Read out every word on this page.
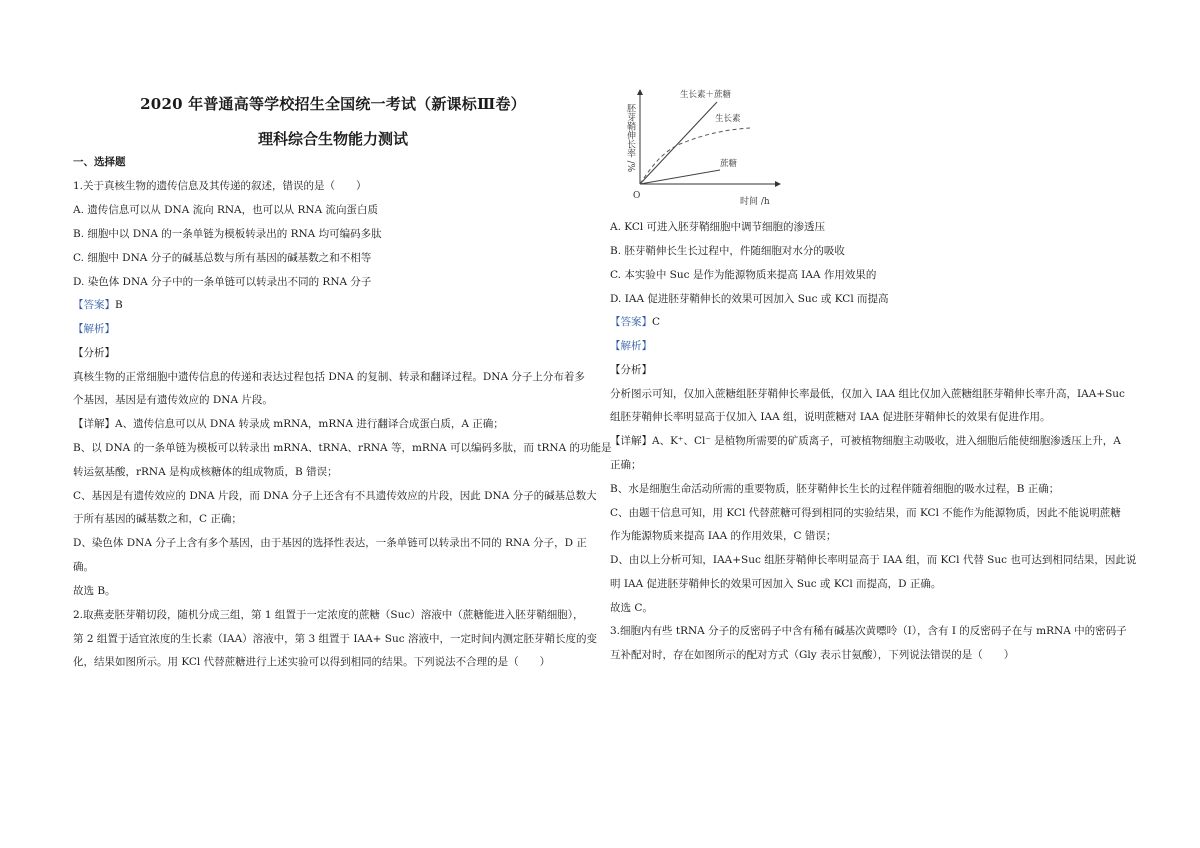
2020 年普通高等学校招生全国统一考试（新课标Ⅲ卷）
理科综合生物能力测试
一、选择题
1.关于真核生物的遗传信息及其传递的叙述，错误的是（　　）
A. 遗传信息可以从 DNA 流向 RNA，也可以从 RNA 流向蛋白质
B. 细胞中以 DNA 的一条单链为模板转录出的 RNA 均可编码多肽
C. 细胞中 DNA 分子的碱基总数与所有基因的碱基数之和不相等
D. 染色体 DNA 分子中的一条单链可以转录出不同的 RNA 分子
【答案】B
【解析】
【分析】
真核生物的正常细胞中遗传信息的传递和表达过程包括 DNA 的复制、转录和翻译过程。DNA 分子上分布着多
个基因，基因是有遗传效应的 DNA 片段。
【详解】A、遗传信息可以从 DNA 转录成 mRNA，mRNA 进行翻译合成蛋白质，A 正确；
B、以 DNA 的一条单链为模板可以转录出 mRNA、tRNA、rRNA 等，mRNA 可以编码多肽，而 tRNA 的功能是
转运氨基酸，rRNA 是构成核糖体的组成物质，B 错误；
C、基因是有遗传效应的 DNA 片段，而 DNA 分子上还含有不具遗传效应的片段，因此 DNA 分子的碱基总数大
于所有基因的碱基数之和，C 正确；
D、染色体 DNA 分子上含有多个基因，由于基因的选择性表达，一条单链可以转录出不同的 RNA 分子，D 正
确。
故选 B。
2.取燕麦胚芽鞘切段，随机分成三组，第 1 组置于一定浓度的蔗糖（Suc）溶液中（蔗糖能进入胚芽鞘细胞），
第 2 组置于适宜浓度的生长素（IAA）溶液中，第 3 组置于 IAA+ Suc 溶液中，一定时间内测定胚芽鞘长度的变
化，结果如图所示。用 KCl 代替蔗糖进行上述实验可以得到相同的结果。下列说法不合理的是（　　）
胚芽鞘伸长率 /%
O
时间 /h
生长素＋蔗糖
生长素
蔗糖
A. KCl 可进入胚芽鞘细胞中调节细胞的渗透压
B. 胚芽鞘伸长生长过程中，件随细胞对水分的吸收
C. 本实验中 Suc 是作为能源物质来提高 IAA 作用效果的
D. IAA 促进胚芽鞘伸长的效果可因加入 Suc 或 KCl 而提高
【答案】C
【解析】
【分析】
分析图示可知，仅加入蔗糖组胚芽鞘伸长率最低，仅加入 IAA 组比仅加入蔗糖组胚芽鞘伸长率升高，IAA+Suc
组胚芽鞘伸长率明显高于仅加入 IAA 组，说明蔗糖对 IAA 促进胚芽鞘伸长的效果有促进作用。
【详解】A、K⁺、Cl⁻ 是植物所需要的矿质离子，可被植物细胞主动吸收，进入细胞后能使细胞渗透压上升，A
正确；
B、水是细胞生命活动所需的重要物质，胚芽鞘伸长生长的过程伴随着细胞的吸水过程，B 正确；
C、由题干信息可知，用 KCl 代替蔗糖可得到相同的实验结果，而 KCl 不能作为能源物质，因此不能说明蔗糖
作为能源物质来提高 IAA 的作用效果，C 错误；
D、由以上分析可知，IAA+Suc 组胚芽鞘伸长率明显高于 IAA 组，而 KCl 代替 Suc 也可达到相同结果，因此说
明 IAA 促进胚芽鞘伸长的效果可因加入 Suc 或 KCl 而提高，D 正确。
故选 C。
3.细胞内有些 tRNA 分子的反密码子中含有稀有碱基次黄嘌呤（I），含有 I 的反密码子在与 mRNA 中的密码子
互补配对时，存在如图所示的配对方式（Gly 表示甘氨酸），下列说法错误的是（　　）
